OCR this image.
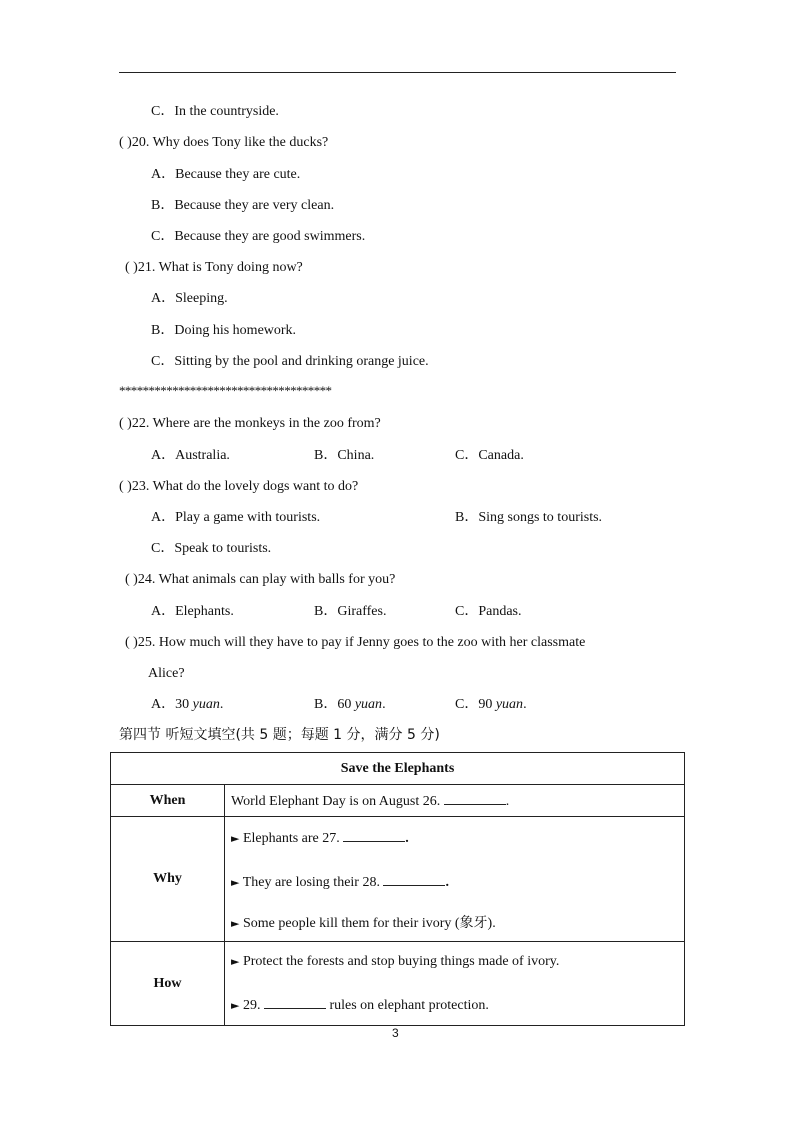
C．In the countryside.
( )20. Why does Tony like the ducks?
A．Because they are cute.
B．Because they are very clean.
C．Because they are good swimmers.
( )21. What is Tony doing now?
A．Sleeping.
B．Doing his homework.
C．Sitting by the pool and drinking orange juice.
************************************
( )22. Where are the monkeys in the zoo from?
A．Australia.	B．China.	C．Canada.
( )23. What do the lovely dogs want to do?
A．Play a game with tourists.	B．Sing songs to tourists.
C．Speak to tourists.
( )24. What animals can play with balls for you?
A．Elephants.	B．Giraffes.	C．Pandas.
( )25. How much will they have to pay if Jenny goes to the zoo with her classmate
Alice?
A．30 yuan.	B．60 yuan.	C．90 yuan.
第四节 听短文填空(共 5 题；每题 1 分，满分 5 分)
Save the Elephants	
When	World Elephant Day is on August 26. .

Why	► Elephants are 27. .

► They are losing their 28. .

► Some people kill them for their ivory (象牙).

How	► Protect the forests and stop buying things made of ivory.

► 29. rules on elephant protection.

3
